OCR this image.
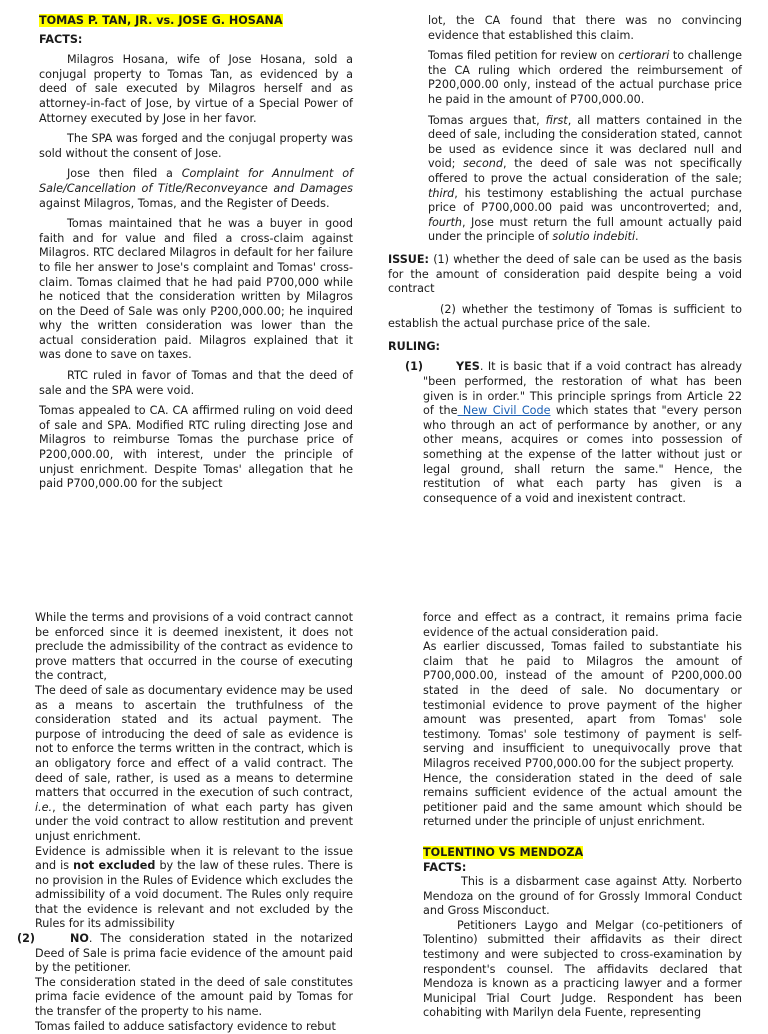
TOMAS P. TAN, JR. vs. JOSE G. HOSANA
FACTS:

Milagros Hosana, wife of Jose Hosana, sold a conjugal property to Tomas Tan, as evidenced by a deed of sale executed by Milagros herself and as attorney-in-fact of Jose, by virtue of a Special Power of Attorney executed by Jose in her favor.

The SPA was forged and the conjugal property was sold without the consent of Jose.

Jose then filed a Complaint for Annulment of Sale/Cancellation of Title/Reconveyance and Damages against Milagros, Tomas, and the Register of Deeds.

Tomas maintained that he was a buyer in good faith and for value and filed a cross-claim against Milagros. RTC declared Milagros in default for her failure to file her answer to Jose's complaint and Tomas' cross-claim. Tomas claimed that he had paid P700,000 while he noticed that the consideration written by Milagros on the Deed of Sale was only P200,000.00; he inquired why the written consideration was lower than the actual consideration paid. Milagros explained that it was done to save on taxes.

RTC ruled in favor of Tomas and that the deed of sale and the SPA were void.

Tomas appealed to CA. CA affirmed ruling on void deed of sale and SPA. Modified RTC ruling directing Jose and Milagros to reimburse Tomas the purchase price of P200,000.00, with interest, under the principle of unjust enrichment. Despite Tomas' allegation that he paid P700,000.00 for the subject

lot, the CA found that there was no convincing evidence that established this claim.

Tomas filed petition for review on certiorari to challenge the CA ruling which ordered the reimbursement of P200,000.00 only, instead of the actual purchase price he paid in the amount of P700,000.00.

Tomas argues that, first, all matters contained in the deed of sale, including the consideration stated, cannot be used as evidence since it was declared null and void; second, the deed of sale was not specifically offered to prove the actual consideration of the sale; third, his testimony establishing the actual purchase price of P700,000.00 paid was uncontroverted; and, fourth, Jose must return the full amount actually paid under the principle of solutio indebiti.

ISSUE: (1) whether the deed of sale can be used as the basis for the amount of consideration paid despite being a void contract

(2) whether the testimony of Tomas is sufficient to establish the actual purchase price of the sale.

RULING:
(1)	YES. It is basic that if a void contract has already "been performed, the restoration of what has been given is in order." This principle springs from Article 22 of the New Civil Code which states that "every person who through an act of performance by another, or any other means, acquires or comes into possession of something at the expense of the latter without just or legal ground, shall return the same." Hence, the restitution of what each party has given is a consequence of a void and inexistent contract.

While the terms and provisions of a void contract cannot be enforced since it is deemed inexistent, it does not preclude the admissibility of the contract as evidence to prove matters that occurred in the course of executing the contract,

The deed of sale as documentary evidence may be used as a means to ascertain the truthfulness of the consideration stated and its actual payment. The purpose of introducing the deed of sale as evidence is not to enforce the terms written in the contract, which is an obligatory force and effect of a valid contract. The deed of sale, rather, is used as a means to determine matters that occurred in the execution of such contract, i.e., the determination of what each party has given under the void contract to allow restitution and prevent unjust enrichment.

Evidence is admissible when it is relevant to the issue and is not excluded by the law of these rules. There is no provision in the Rules of Evidence which excludes the admissibility of a void document. The Rules only require that the evidence is relevant and not excluded by the Rules for its admissibility

(2)	NO. The consideration stated in the notarized Deed of Sale is prima facie evidence of the amount paid by the petitioner.

The consideration stated in the deed of sale constitutes prima facie evidence of the amount paid by Tomas for the transfer of the property to his name.

Tomas failed to adduce satisfactory evidence to rebut

force and effect as a contract, it remains prima facie evidence of the actual consideration paid.

As earlier discussed, Tomas failed to substantiate his claim that he paid to Milagros the amount of P700,000.00, instead of the amount of P200,000.00 stated in the deed of sale. No documentary or testimonial evidence to prove payment of the higher amount was presented, apart from Tomas' sole testimony. Tomas' sole testimony of payment is self-serving and insufficient to unequivocally prove that Milagros received P700,000.00 for the subject property.

Hence, the consideration stated in the deed of sale remains sufficient evidence of the actual amount the petitioner paid and the same amount which should be returned under the principle of unjust enrichment.

TOLENTINO VS MENDOZA
FACTS:

This is a disbarment case against Atty. Norberto Mendoza on the ground of for Grossly Immoral Conduct and Gross Misconduct.

Petitioners Laygo and Melgar (co-petitioners of Tolentino) submitted their affidavits as their direct testimony and were subjected to cross-examination by respondent's counsel. The affidavits declared that Mendoza is known as a practicing lawyer and a former Municipal Trial Court Judge. Respondent has been cohabiting with Marilyn dela Fuente, representing
